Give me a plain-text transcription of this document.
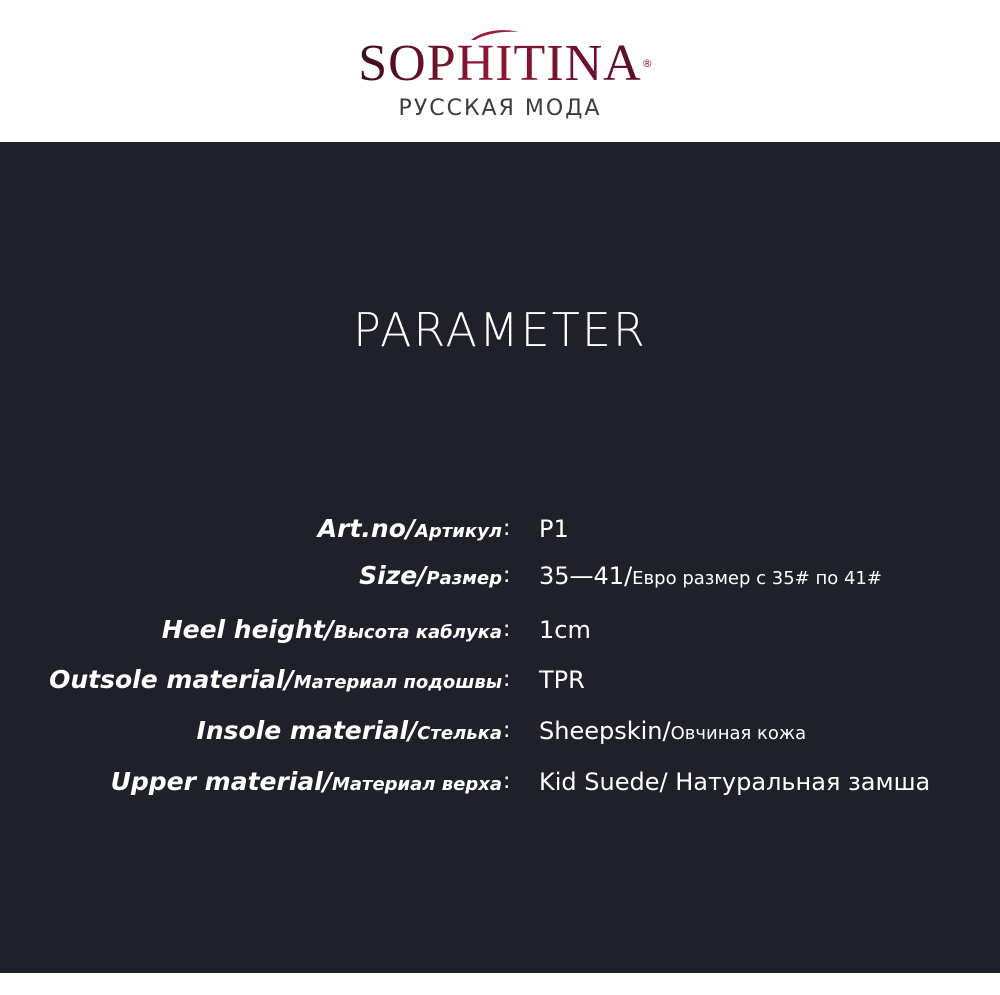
SOPHITINA ®
РУССКАЯ МОДА
PARAMETER
Art.no/Артикул : P1
Size/Размер : 35—41/Евро размер с 35# по 41#
Heel height/Высота каблука : 1cm
Outsole material/Материал подошвы : TPR
Insole material/Стелька : Sheepskin/Овчиная кожа
Upper material/Материал верха : Kid Suede/ Натуральная замша
